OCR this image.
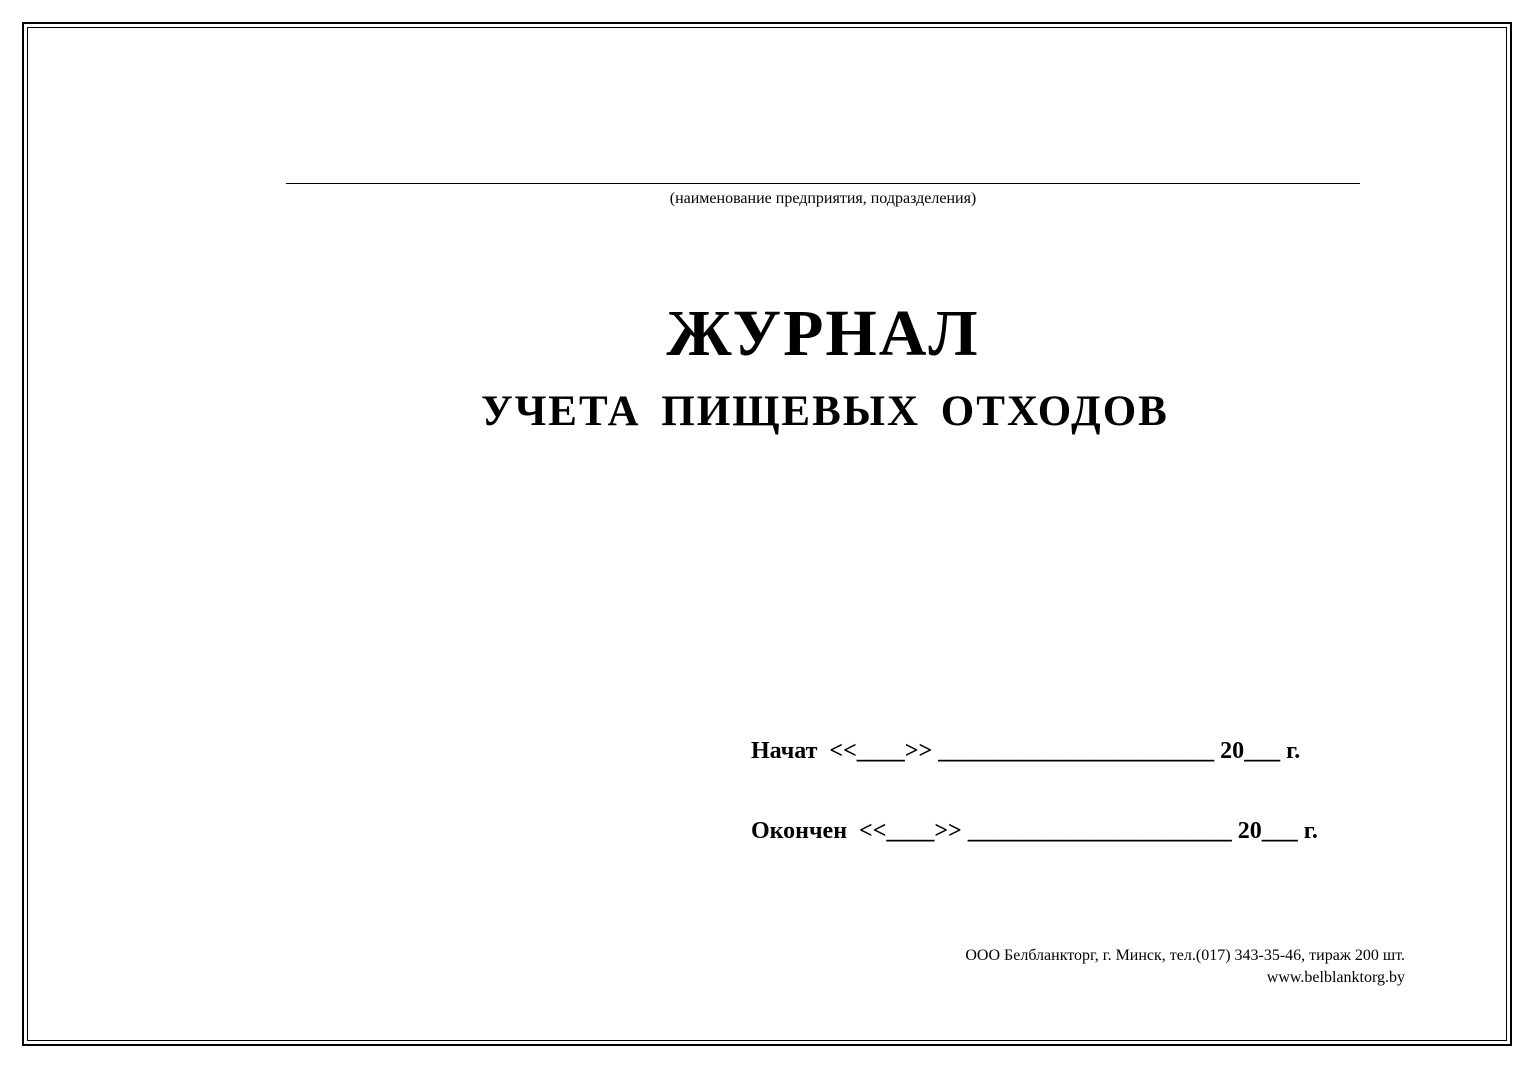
(наименование предприятия, подразделения)
ЖУРНАЛ
УЧЕТА ПИЩЕВЫХ ОТХОДОВ
Начат  <<____>> _______________________ 20___ г.
Окончен  <<____>> ______________________ 20___ г.
ООО Белбланкторг, г. Минск, тел.(017) 343-35-46, тираж 200 шт.
www.belblanktorg.by
